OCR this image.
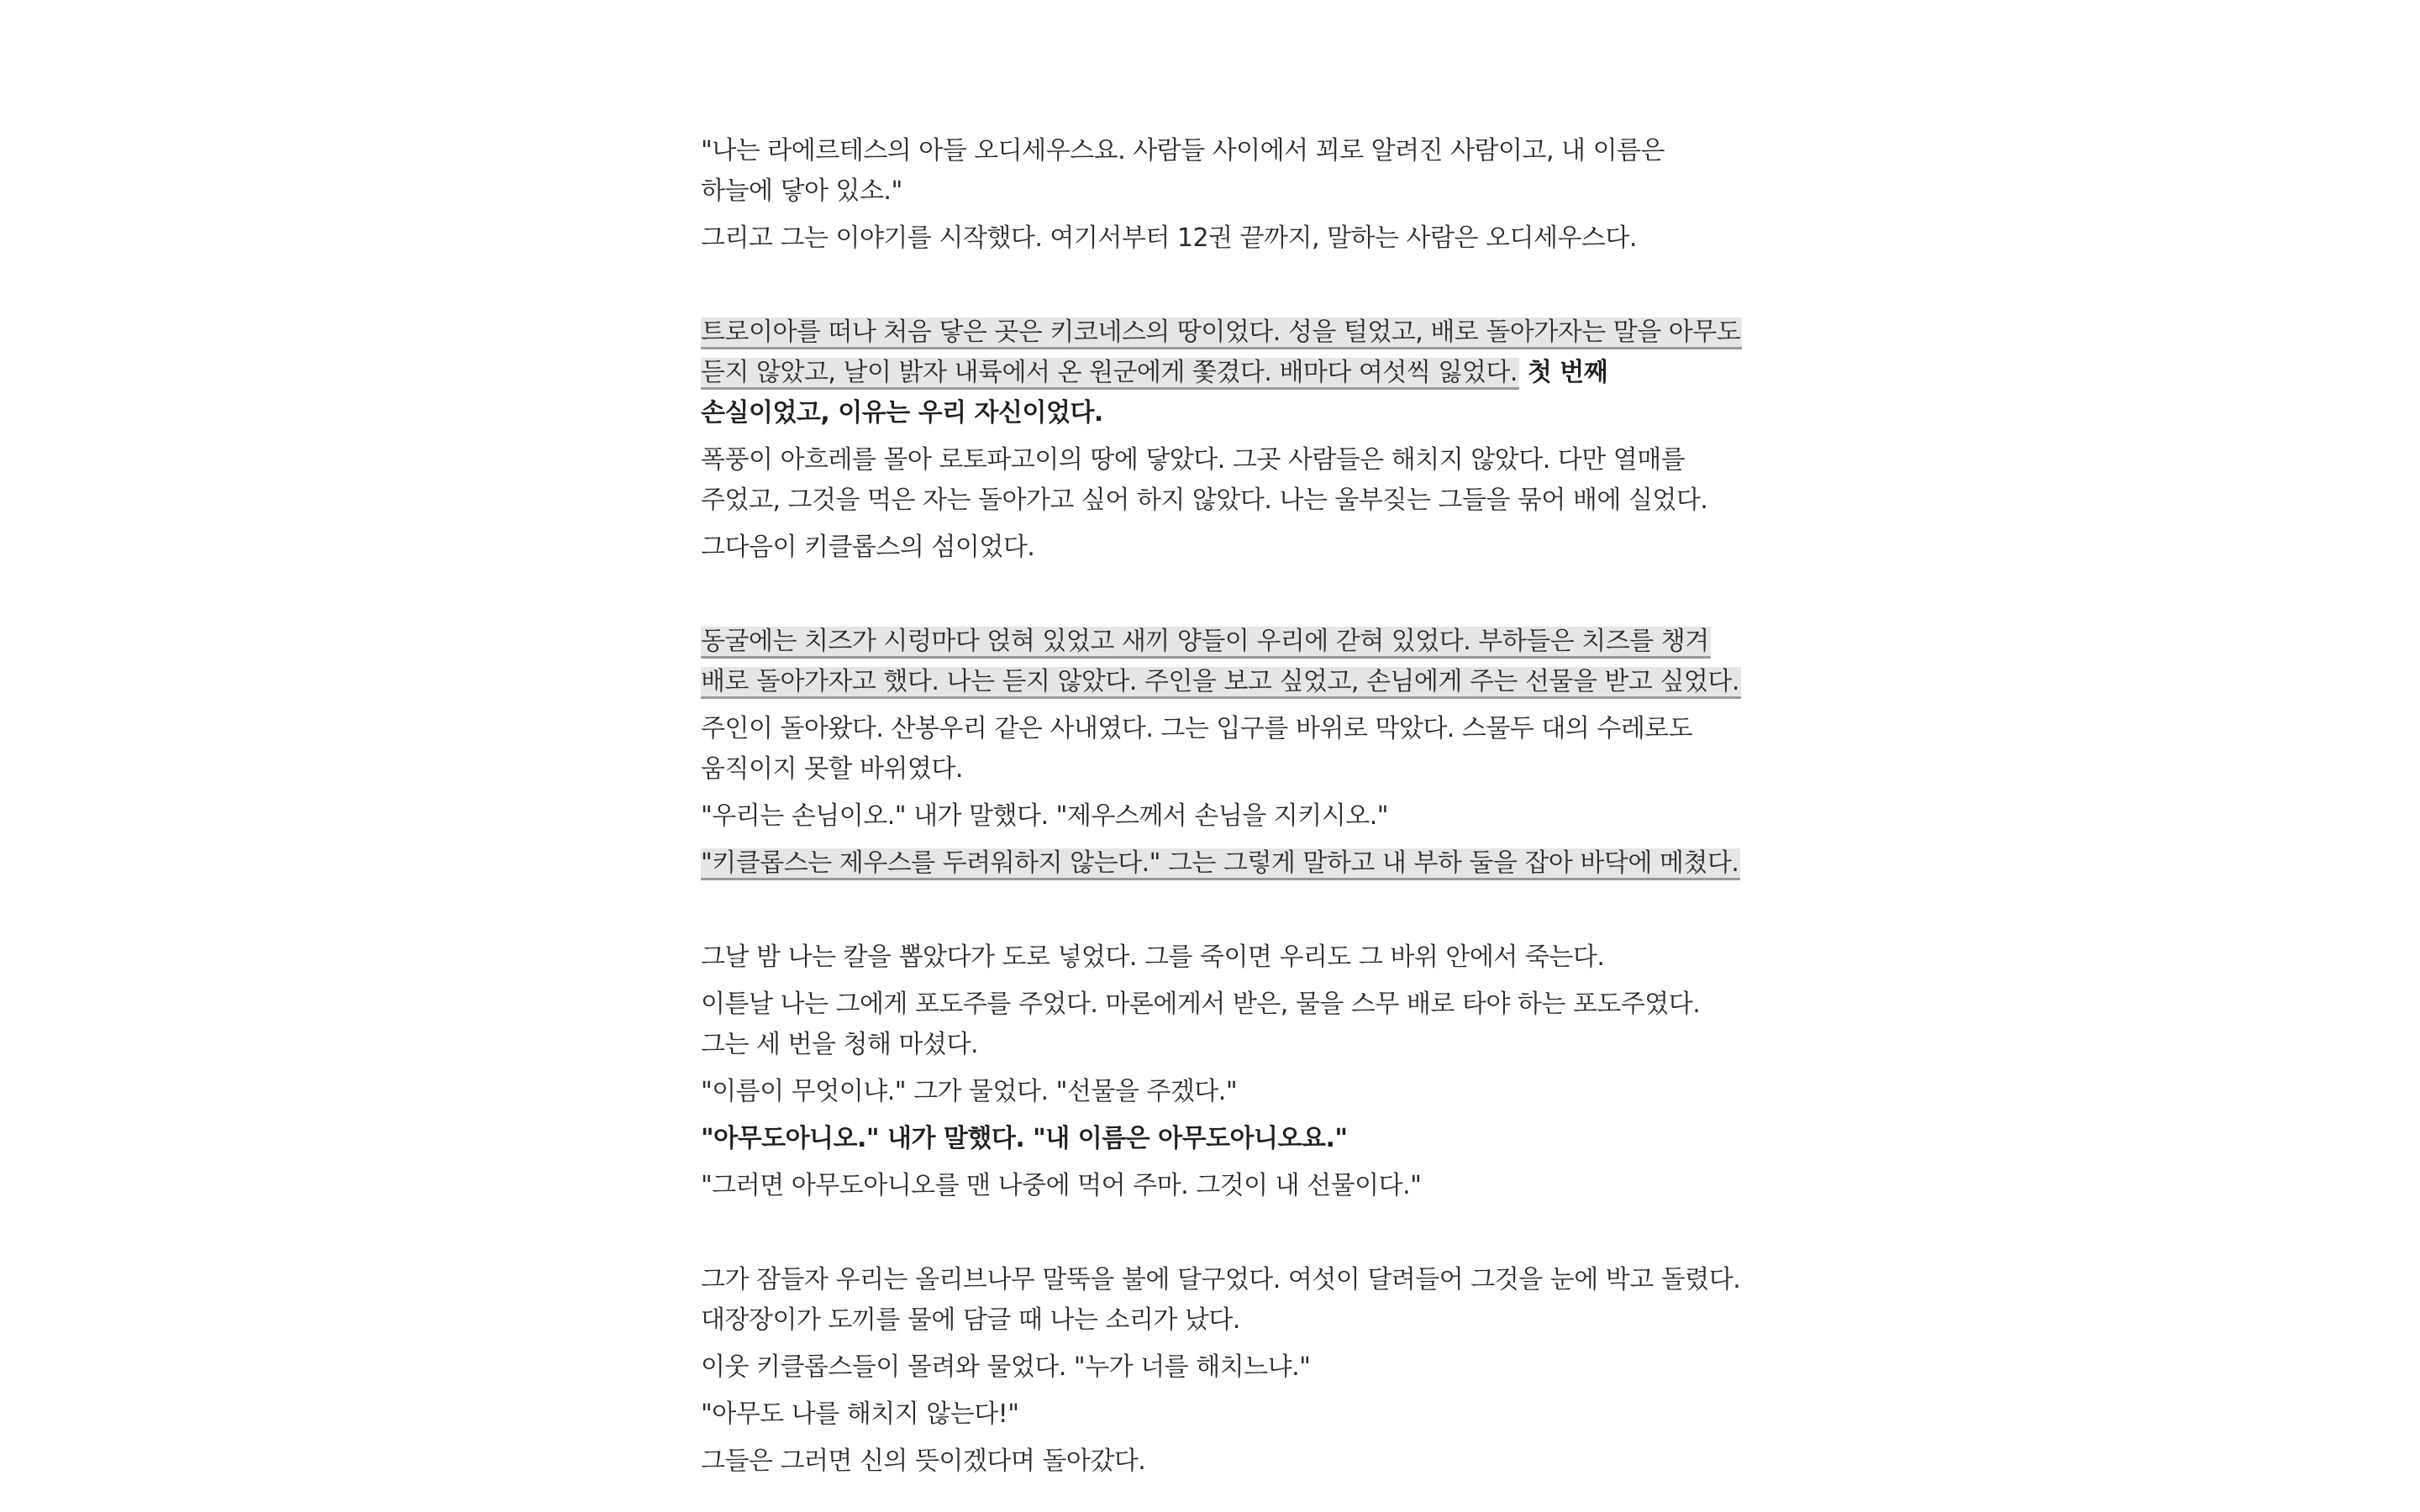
"나는 라에르테스의 아들 오디세우스요. 사람들 사이에서 꾀로 알려진 사람이고, 내 이름은 하늘에 닿아 있소."

그리고 그는 이야기를 시작했다. 여기서부터 12권 끝까지, 말하는 사람은 오디세우스다.

트로이아를 떠나 처음 닿은 곳은 키코네스의 땅이었다. 성을 털었고, 배로 돌아가자는 말을 아무도 듣지 않았고, 날이 밝자 내륙에서 온 원군에게 쫓겼다. 배마다 여섯씩 잃었다. 첫 번째 손실이었고, 이유는 우리 자신이었다.

폭풍이 아흐레를 몰아 로토파고이의 땅에 닿았다. 그곳 사람들은 해치지 않았다. 다만 열매를 주었고, 그것을 먹은 자는 돌아가고 싶어 하지 않았다. 나는 울부짖는 그들을 묶어 배에 실었다.

그다음이 키클롭스의 섬이었다.

동굴에는 치즈가 시렁마다 얹혀 있었고 새끼 양들이 우리에 갇혀 있었다. 부하들은 치즈를 챙겨 배로 돌아가자고 했다. 나는 듣지 않았다. 주인을 보고 싶었고, 손님에게 주는 선물을 받고 싶었다.

주인이 돌아왔다. 산봉우리 같은 사내였다. 그는 입구를 바위로 막았다. 스물두 대의 수레로도 움직이지 못할 바위였다.

"우리는 손님이오." 내가 말했다. "제우스께서 손님을 지키시오."

"키클롭스는 제우스를 두려워하지 않는다." 그는 그렇게 말하고 내 부하 둘을 잡아 바닥에 메쳤다.

그날 밤 나는 칼을 뽑았다가 도로 넣었다. 그를 죽이면 우리도 그 바위 안에서 죽는다.

이튿날 나는 그에게 포도주를 주었다. 마론에게서 받은, 물을 스무 배로 타야 하는 포도주였다. 그는 세 번을 청해 마셨다.

"이름이 무엇이냐." 그가 물었다. "선물을 주겠다."

"아무도아니오." 내가 말했다. "내 이름은 아무도아니오요."

"그러면 아무도아니오를 맨 나중에 먹어 주마. 그것이 내 선물이다."

그가 잠들자 우리는 올리브나무 말뚝을 불에 달구었다. 여섯이 달려들어 그것을 눈에 박고 돌렸다. 대장장이가 도끼를 물에 담글 때 나는 소리가 났다.

이웃 키클롭스들이 몰려와 물었다. "누가 너를 해치느냐."

"아무도 나를 해치지 않는다!"

그들은 그러면 신의 뜻이겠다며 돌아갔다.
